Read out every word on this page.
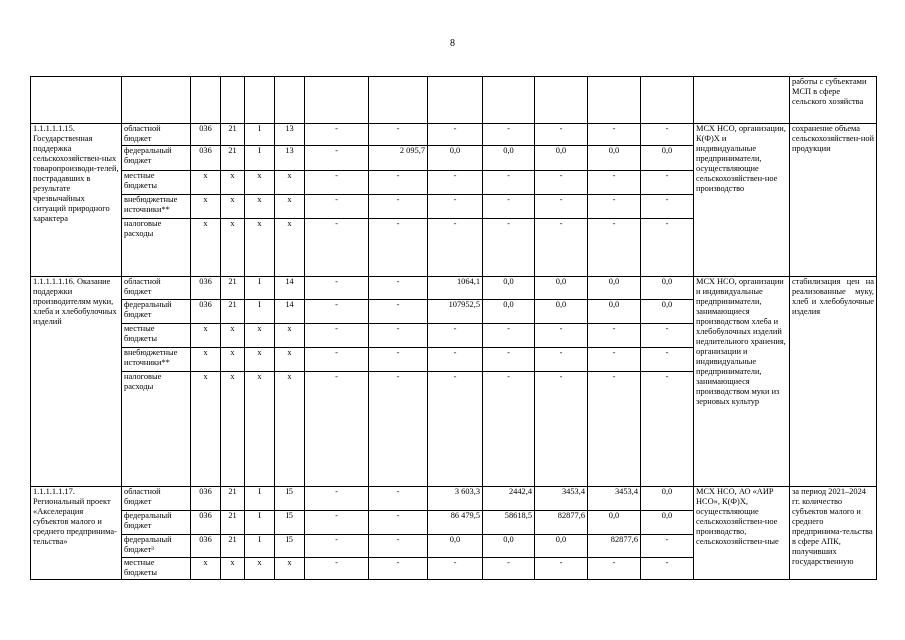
8
														работы с субъектами МСП в сфере сельского хозяйства
1.1.1.1.1.15. Государственная поддержка сельскохозяйствен-ных товаропроизводи-телей, пострадавших в результате чрезвычайных ситуаций природного характера	областной бюджет	036	21	I	13	-	-	-	-	-	-	-	МСХ НСО, организации, К(Ф)Х и индивидуальные предприниматели, осуществляющие сельскохозяйствен-ное производство	сохранение объема сельскохозяйствен-ной продукции
	федеральный бюджет	036	21	I	13	-	2 095,7	0,0	0,0	0,0	0,0	0,0		
	местные бюджеты	x	x	x	x	-	-	-	-	-	-	-		
	внебюджетные источники**	x	x	x	x	-	-	-	-	-	-	-		
	налоговые расходы	x	x	x	x	-	-	-	-	-	-	-		
1.1.1.1.1.16. Оказание поддержки производителям муки, хлеба и хлебобулочных изделий	областной бюджет	036	21	I	14	-	-	1064,1	0,0	0,0	0,0	0,0	МСХ НСО, организации и индивидуальные предприниматели, занимающиеся производством хлеба и хлебобулочных изделий недлительного хранения, организации и индивидуальные предприниматели, занимающиеся производством муки из зерновых культур	стабилизация цен на реализованные муку, хлеб и хлебобулочные изделия
	федеральный бюджет	036	21	I	14	-	-	107952,5	0,0	0,0	0,0	0,0		
	местные бюджеты	x	x	x	x	-	-	-	-	-	-	-		
	внебюджетные источники**	x	x	x	x	-	-	-	-	-	-	-		
	налоговые расходы	x	x	x	x	-	-	-	-	-	-	-		
1.1.1.1.1.17. Региональный проект «Акселерация субъектов малого и среднего предпринима-тельства»	областной бюджет	036	21	I	I5	-	-	3 603,3	2442,4	3453,4	3453,4	0,0	МСХ НСО, АО «АИР НСО», К(Ф)Х, осуществляющие сельскохозяйствен-ное производство, сельскохозяйствен-ные	за период 2021–2024 гг. количество субъектов малого и среднего предпринима-тельства в сфере АПК, получивших государственную
	федеральный бюджет	036	21	I	I5	-	-	86 479,5	58618,5	82877,6	0,0	0,0		
	федеральный бюджет³	036	21	I	I5	-	-	0,0	0,0	0,0	82877,6	-		
	местные бюджеты	x	x	x	x	-	-	-	-	-	-	-		
